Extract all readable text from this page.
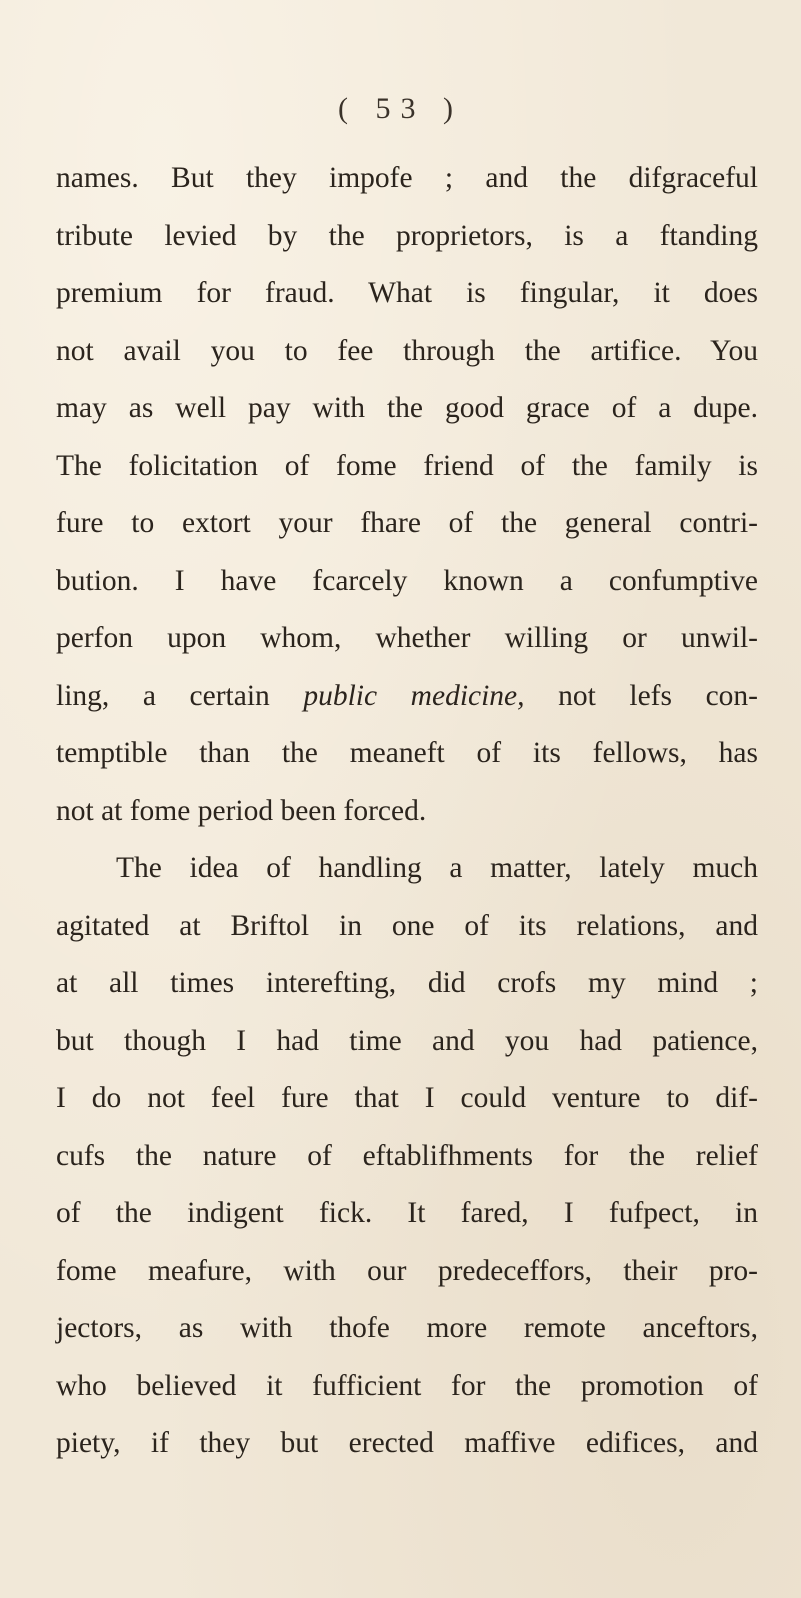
( 53 )
names. But they impofe ; and the difgraceful
tribute levied by the proprietors, is a ftanding
premium for fraud. What is fingular, it does
not avail you to fee through the artifice. You
may as well pay with the good grace of a dupe.
The folicitation of fome friend of the family is
fure to extort your fhare of the general contri-
bution. I have fcarcely known a confumptive
perfon upon whom, whether willing or unwil-
ling, a certain public medicine, not lefs con-
temptible than the meaneft of its fellows, has
not at fome period been forced.
The idea of handling a matter, lately much
agitated at Briftol in one of its relations, and
at all times interefting, did crofs my mind ;
but though I had time and you had patience,
I do not feel fure that I could venture to dif-
cufs the nature of eftablifhments for the relief
of the indigent fick. It fared, I fufpect, in
fome meafure, with our predeceffors, their pro-
jectors, as with thofe more remote anceftors,
who believed it fufficient for the promotion of
piety, if they but erected maffive edifices, and
